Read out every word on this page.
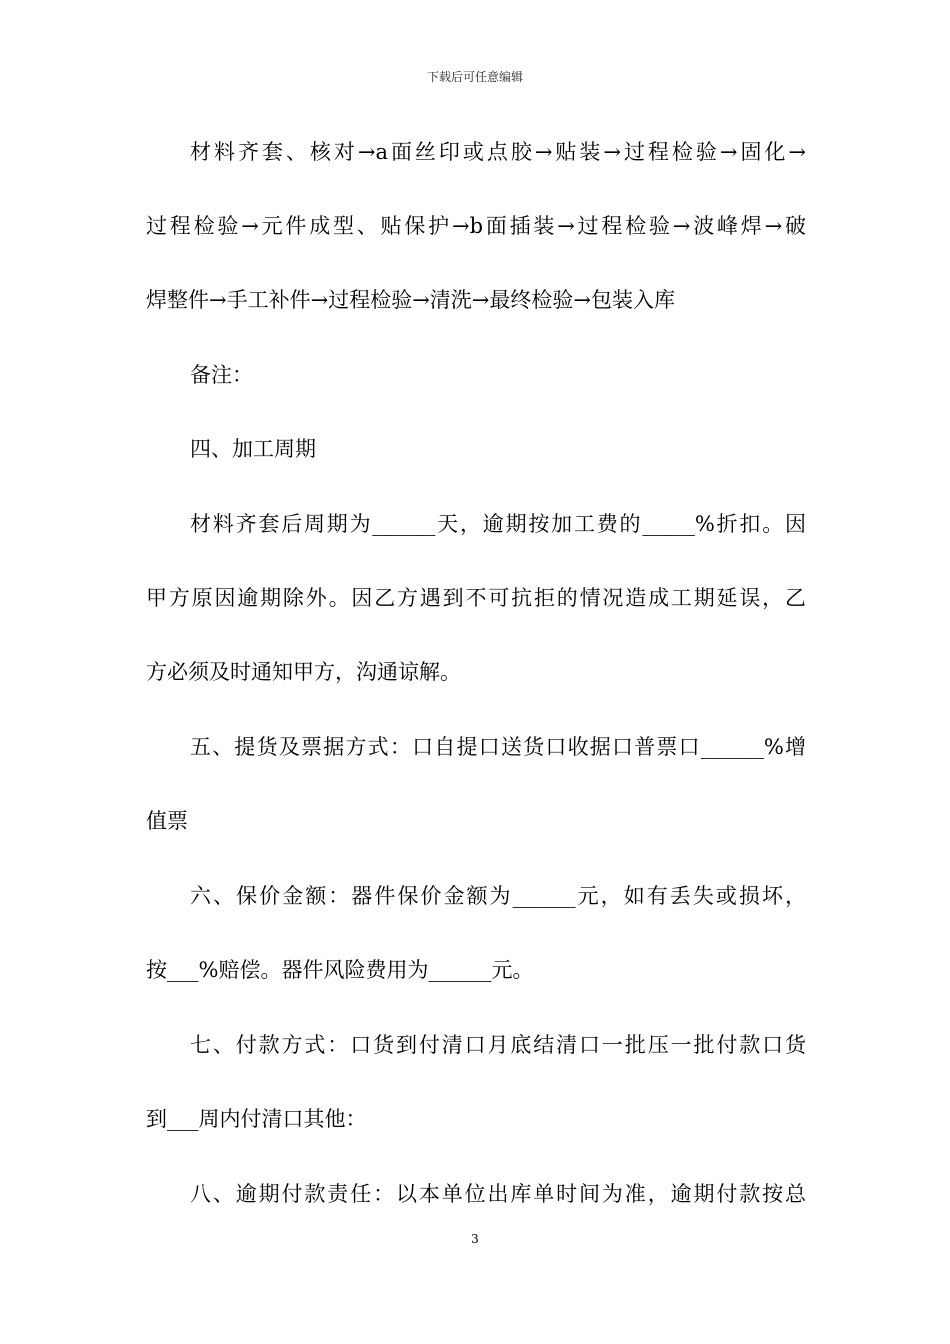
下载后可任意编辑
材料齐套、核对→a面丝印或点胶→贴装→过程检验→固化→
过程检验→元件成型、贴保护→b面插装→过程检验→波峰焊→破
焊整件→手工补件→过程检验→清洗→最终检验→包装入库
备注：
四、加工周期
材料齐套后周期为______天，逾期按加工费的_____%折扣。因
甲方原因逾期除外。因乙方遇到不可抗拒的情况造成工期延误，乙
方必须及时通知甲方，沟通谅解。
五、提货及票据方式：口自提口送货口收据口普票口______%增
值票
六、保价金额：器件保价金额为______元，如有丢失或损坏，
按___%赔偿。器件风险费用为______元。
七、付款方式：口货到付清口月底结清口一批压一批付款口货
到___周内付清口其他：
八、逾期付款责任：以本单位出库单时间为准，逾期付款按总
3
